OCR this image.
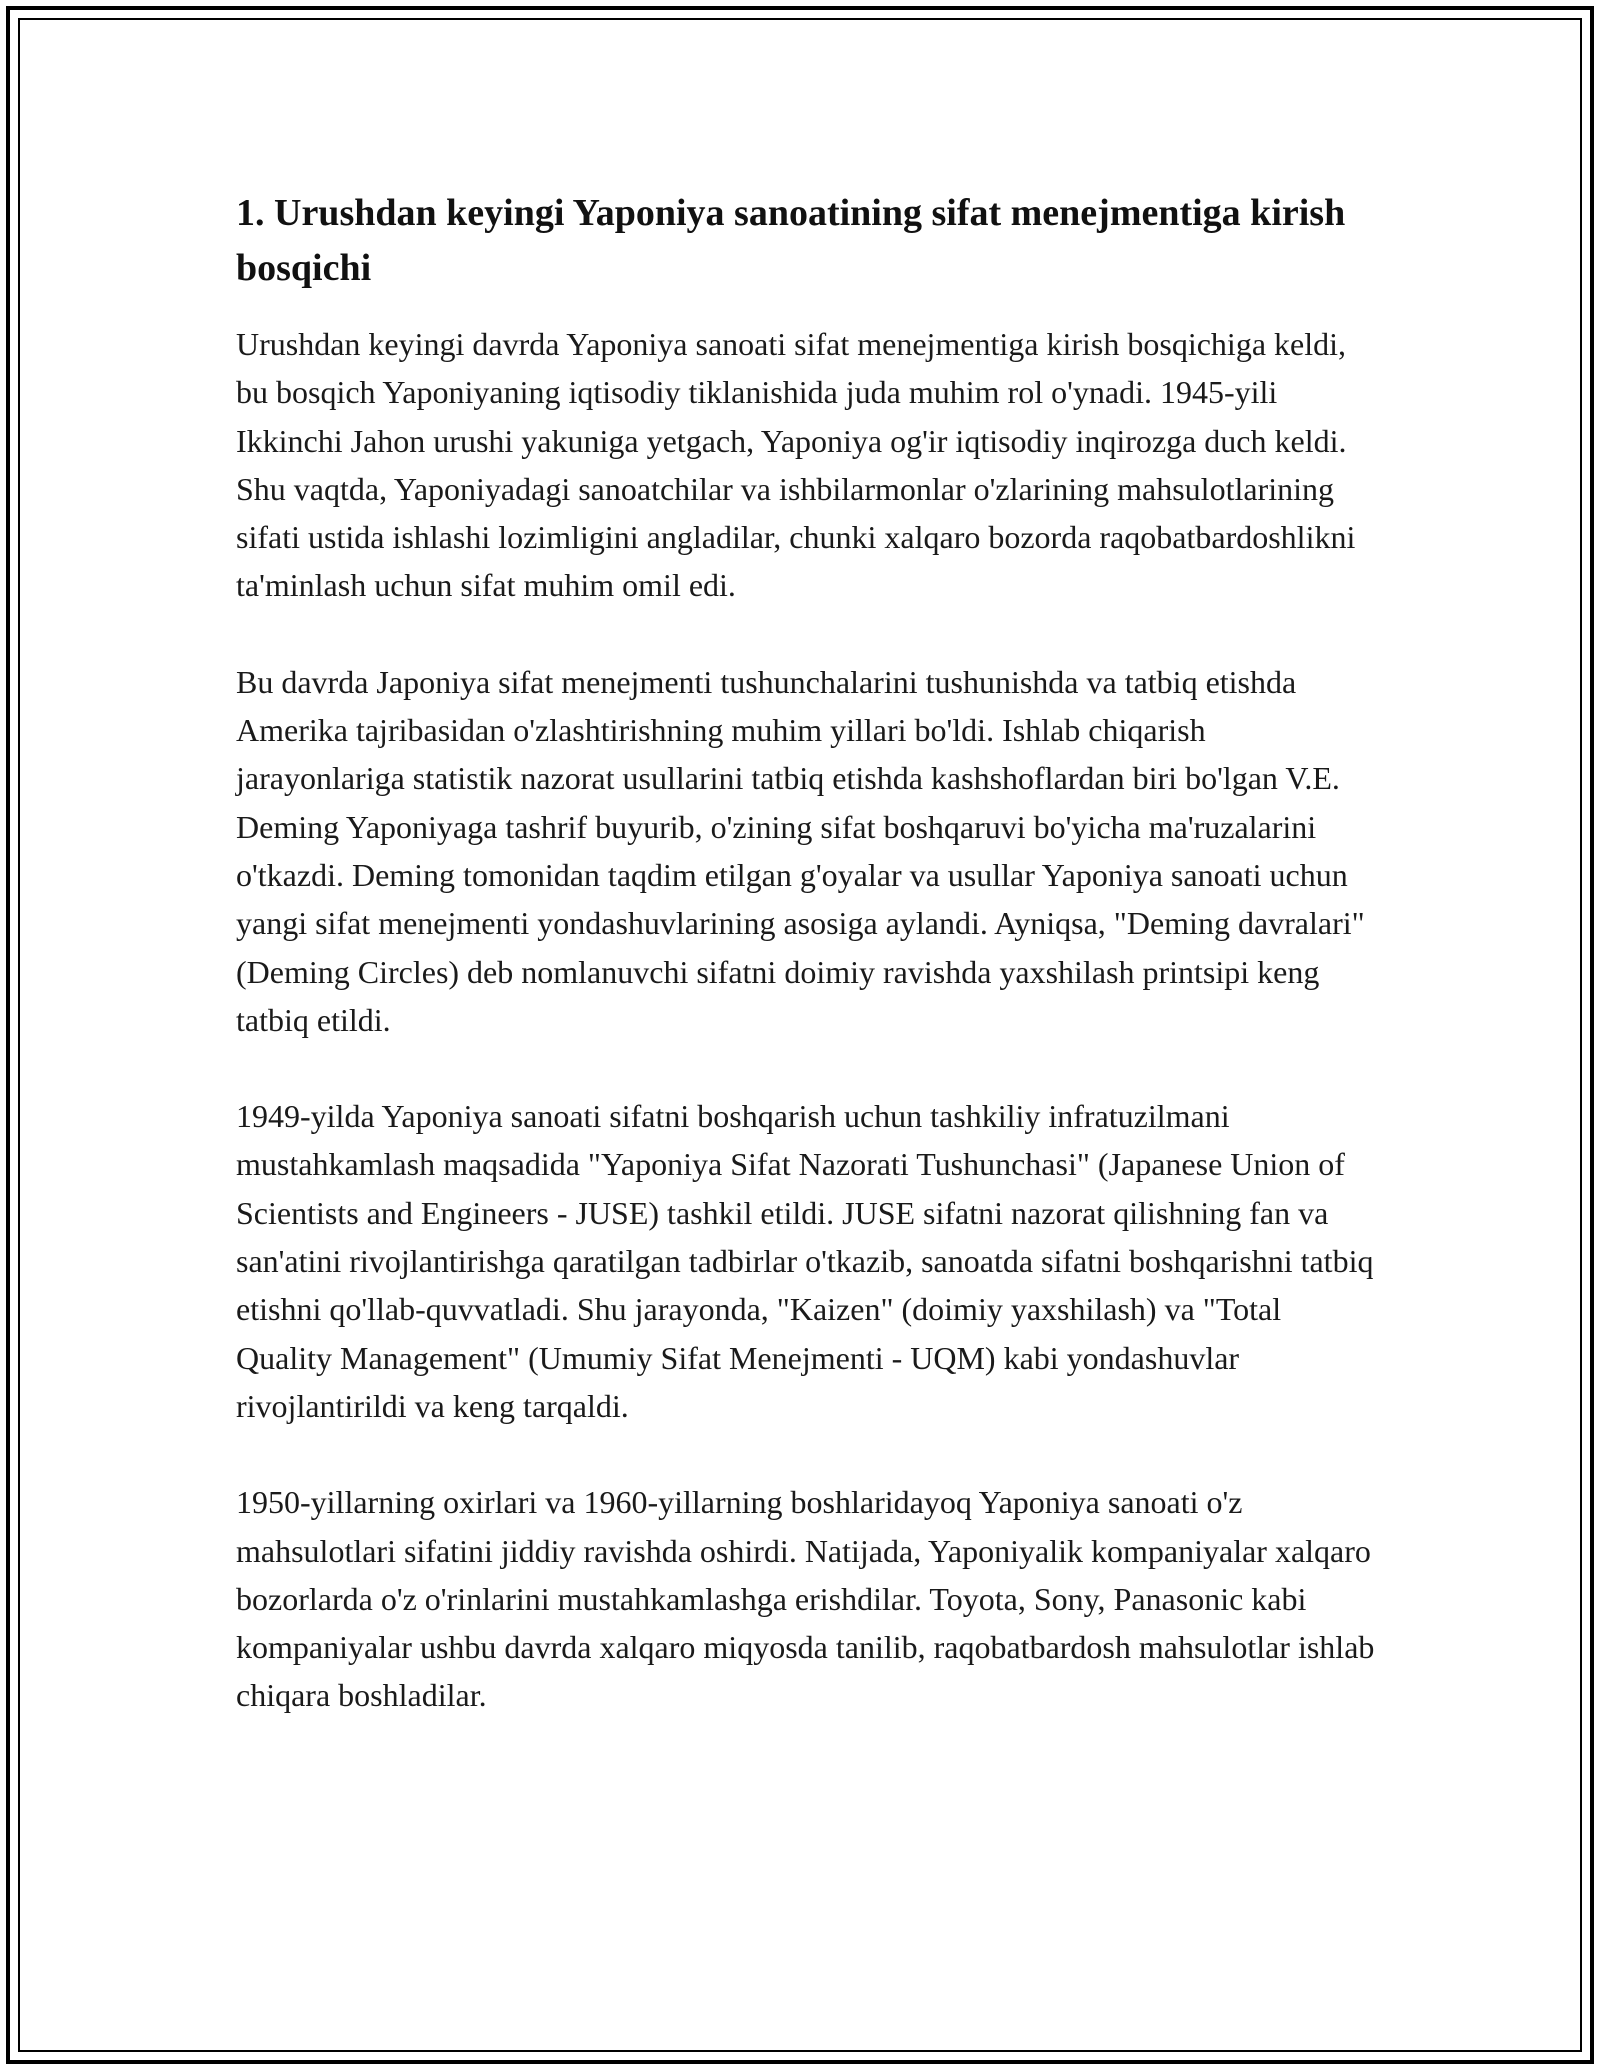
1. Urushdan keyingi Yaponiya sanoatining sifat menejmentiga kirish bosqichi

Urushdan keyingi davrda Yaponiya sanoati sifat menejmentiga kirish bosqichiga keldi, bu bosqich Yaponiyaning iqtisodiy tiklanishida juda muhim rol o'ynadi. 1945-yili Ikkinchi Jahon urushi yakuniga yetgach, Yaponiya og'ir iqtisodiy inqirozga duch keldi. Shu vaqtda, Yaponiyadagi sanoatchilar va ishbilarmonlar o'zlarining mahsulotlarining sifati ustida ishlashi lozimligini angladilar, chunki xalqaro bozorda raqobatbardoshlikni ta'minlash uchun sifat muhim omil edi.

Bu davrda Japoniya sifat menejmenti tushunchalarini tushunishda va tatbiq etishda Amerika tajribasidan o'zlashtirishning muhim yillari bo'ldi. Ishlab chiqarish jarayonlariga statistik nazorat usullarini tatbiq etishda kashshoflardan biri bo'lgan V.E. Deming Yaponiyaga tashrif buyurib, o'zining sifat boshqaruvi bo'yicha ma'ruzalarini o'tkazdi. Deming tomonidan taqdim etilgan g'oyalar va usullar Yaponiya sanoati uchun yangi sifat menejmenti yondashuvlarining asosiga aylandi. Ayniqsa, "Deming davralari" (Deming Circles) deb nomlanuvchi sifatni doimiy ravishda yaxshilash printsipi keng tatbiq etildi.

1949-yilda Yaponiya sanoati sifatni boshqarish uchun tashkiliy infratuzilmani mustahkamlash maqsadida "Yaponiya Sifat Nazorati Tushunchasi" (Japanese Union of Scientists and Engineers - JUSE) tashkil etildi. JUSE sifatni nazorat qilishning fan va san'atini rivojlantirishga qaratilgan tadbirlar o'tkazib, sanoatda sifatni boshqarishni tatbiq etishni qo'llab-quvvatladi. Shu jarayonda, "Kaizen" (doimiy yaxshilash) va "Total Quality Management" (Umumiy Sifat Menejmenti - UQM) kabi yondashuvlar rivojlantirildi va keng tarqaldi.

1950-yillarning oxirlari va 1960-yillarning boshlaridayoq Yaponiya sanoati o'z mahsulotlari sifatini jiddiy ravishda oshirdi. Natijada, Yaponiyalik kompaniyalar xalqaro bozorlarda o'z o'rinlarini mustahkamlashga erishdilar. Toyota, Sony, Panasonic kabi kompaniyalar ushbu davrda xalqaro miqyosda tanilib, raqobatbardosh mahsulotlar ishlab chiqara boshladilar.
